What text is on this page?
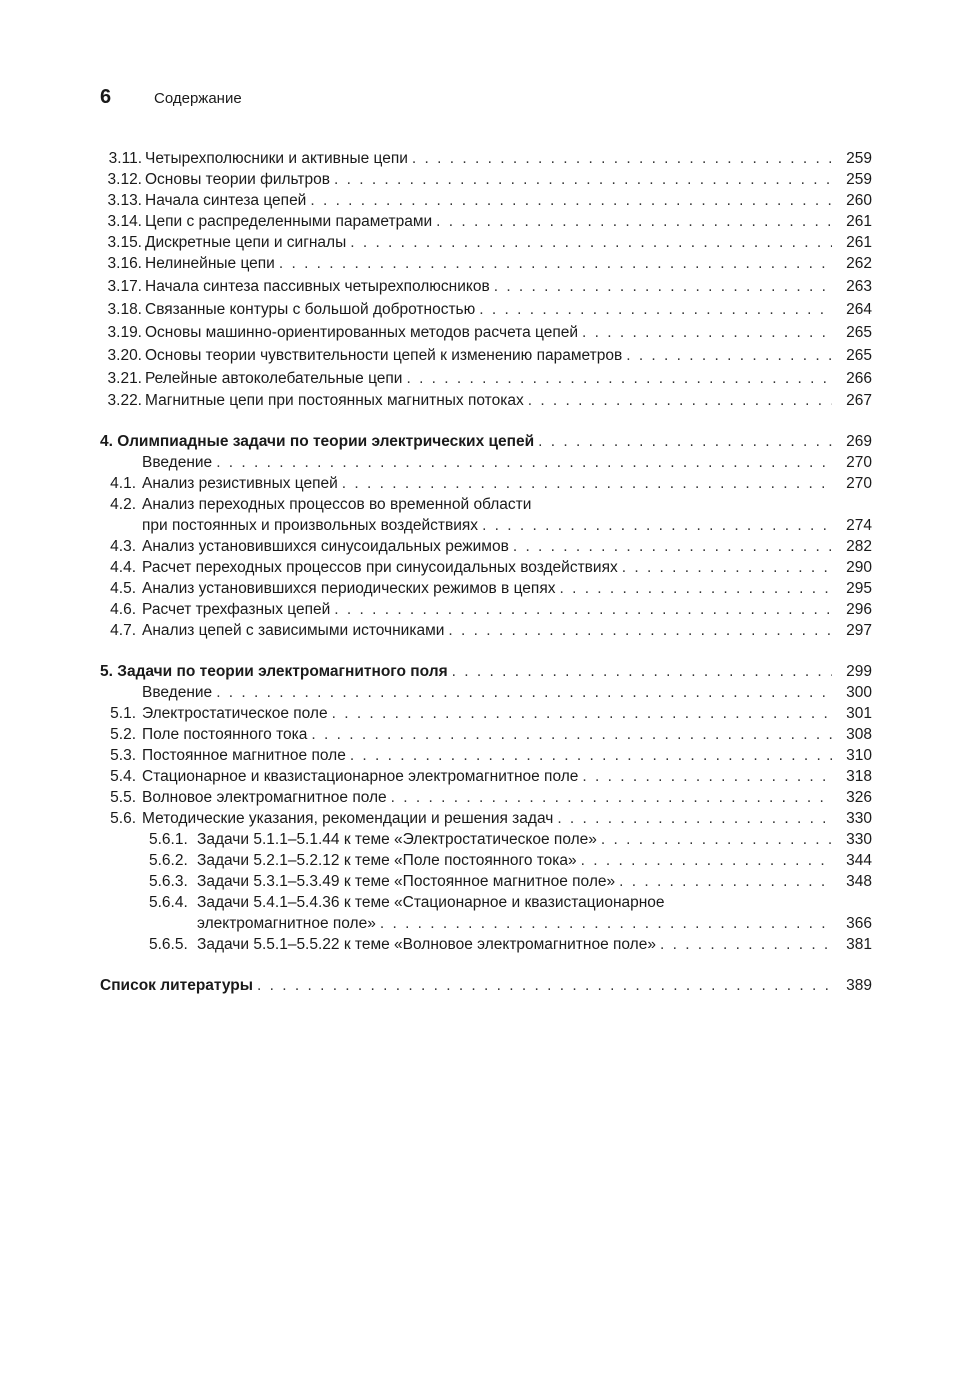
6	Содержание
3.11. Четырехполюсники и активные цепи . . .	259
3.12. Основы теории фильтров . . .	259
3.13. Начала синтеза цепей . . .	260
3.14. Цепи с распределенными параметрами . . .	261
3.15. Дискретные цепи и сигналы . . .	261
3.16. Нелинейные цепи . . .	262
3.17. Начала синтеза пассивных четырехполюсников . . .	263
3.18. Связанные контуры с большой добротностью . . .	264
3.19. Основы машинно-ориентированных методов расчета цепей . . .	265
3.20. Основы теории чувствительности цепей к изменению параметров . . .	265
3.21. Релейные автоколебательные цепи . . .	266
3.22. Магнитные цепи при постоянных магнитных потоках . . .	267
4. Олимпиадные задачи по теории электрических цепей . . .	269
Введение . . .	270
4.1. Анализ резистивных цепей . . .	270
4.2. Анализ переходных процессов во временной области
при постоянных и произвольных воздействиях . . .	274
4.3. Анализ установившихся синусоидальных режимов . . .	282
4.4. Расчет переходных процессов при синусоидальных воздействиях . . .	290
4.5. Анализ установившихся периодических режимов в цепях . . .	295
4.6. Расчет трехфазных цепей . . .	296
4.7. Анализ цепей с зависимыми источниками . . .	297
5. Задачи по теории электромагнитного поля . . .	299
Введение . . .	300
5.1. Электростатическое поле . . .	301
5.2. Поле постоянного тока . . .	308
5.3. Постоянное магнитное поле . . .	310
5.4. Стационарное и квазистационарное электромагнитное поле . . .	318
5.5. Волновое электромагнитное поле . . .	326
5.6. Методические указания, рекомендации и решения задач . . .	330
5.6.1. Задачи 5.1.1–5.1.44 к теме «Электростатическое поле» . . .	330
5.6.2. Задачи 5.2.1–5.2.12 к теме «Поле постоянного тока» . . .	344
5.6.3. Задачи 5.3.1–5.3.49 к теме «Постоянное магнитное поле» . . .	348
5.6.4. Задачи 5.4.1–5.4.36 к теме «Стационарное и квазистационарное
электромагнитное поле» . . .	366
5.6.5. Задачи 5.5.1–5.5.22 к теме «Волновое электромагнитное поле» . . .	381
Список литературы . . .	389
